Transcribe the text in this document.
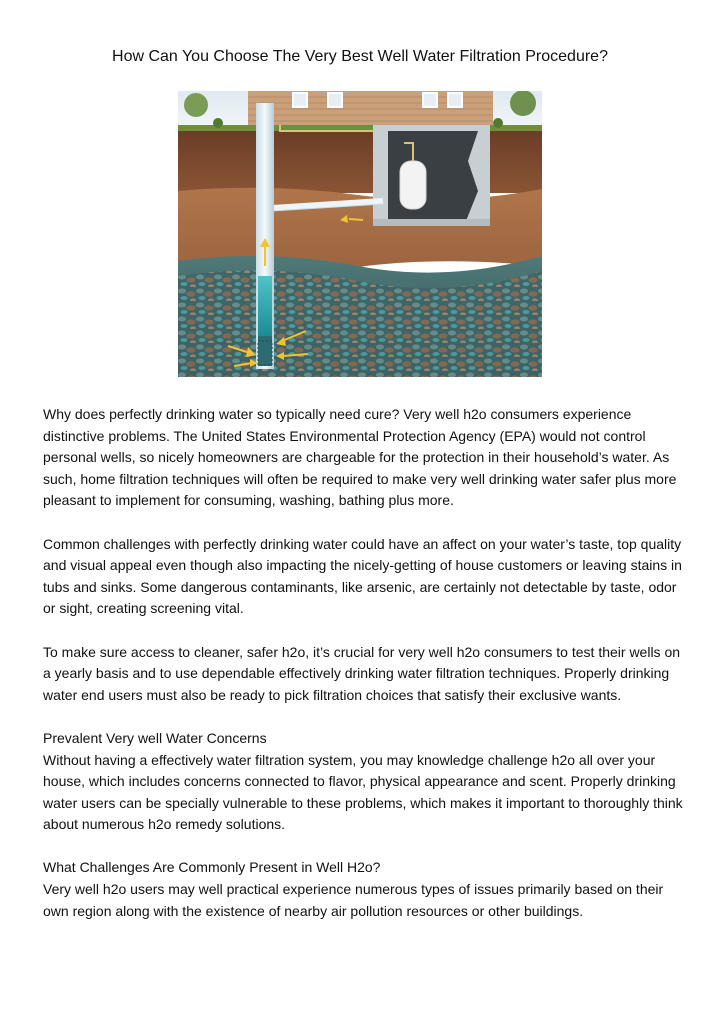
How Can You Choose The Very Best Well Water Filtration Procedure?

Why does perfectly drinking water so typically need cure? Very well h2o consumers experience distinctive problems. The United States Environmental Protection Agency (EPA) would not control personal wells, so nicely homeowners are chargeable for the protection in their household’s water. As such, home filtration techniques will often be required to make very well drinking water safer plus more pleasant to implement for consuming, washing, bathing plus more.

Common challenges with perfectly drinking water could have an affect on your water’s taste, top quality and visual appeal even though also impacting the nicely-getting of house customers or leaving stains in tubs and sinks. Some dangerous contaminants, like arsenic, are certainly not detectable by taste, odor or sight, creating screening vital.

To make sure access to cleaner, safer h2o, it’s crucial for very well h2o consumers to test their wells on a yearly basis and to use dependable effectively drinking water filtration techniques. Properly drinking water end users must also be ready to pick filtration choices that satisfy their exclusive wants.

Prevalent Very well Water Concerns

Without having a effectively water filtration system, you may knowledge challenge h2o all over your house, which includes concerns connected to flavor, physical appearance and scent. Properly drinking water users can be specially vulnerable to these problems, which makes it important to thoroughly think about numerous h2o remedy solutions.

What Challenges Are Commonly Present in Well H2o?

Very well h2o users may well practical experience numerous types of issues primarily based on their own region along with the existence of nearby air pollution resources or other buildings.
